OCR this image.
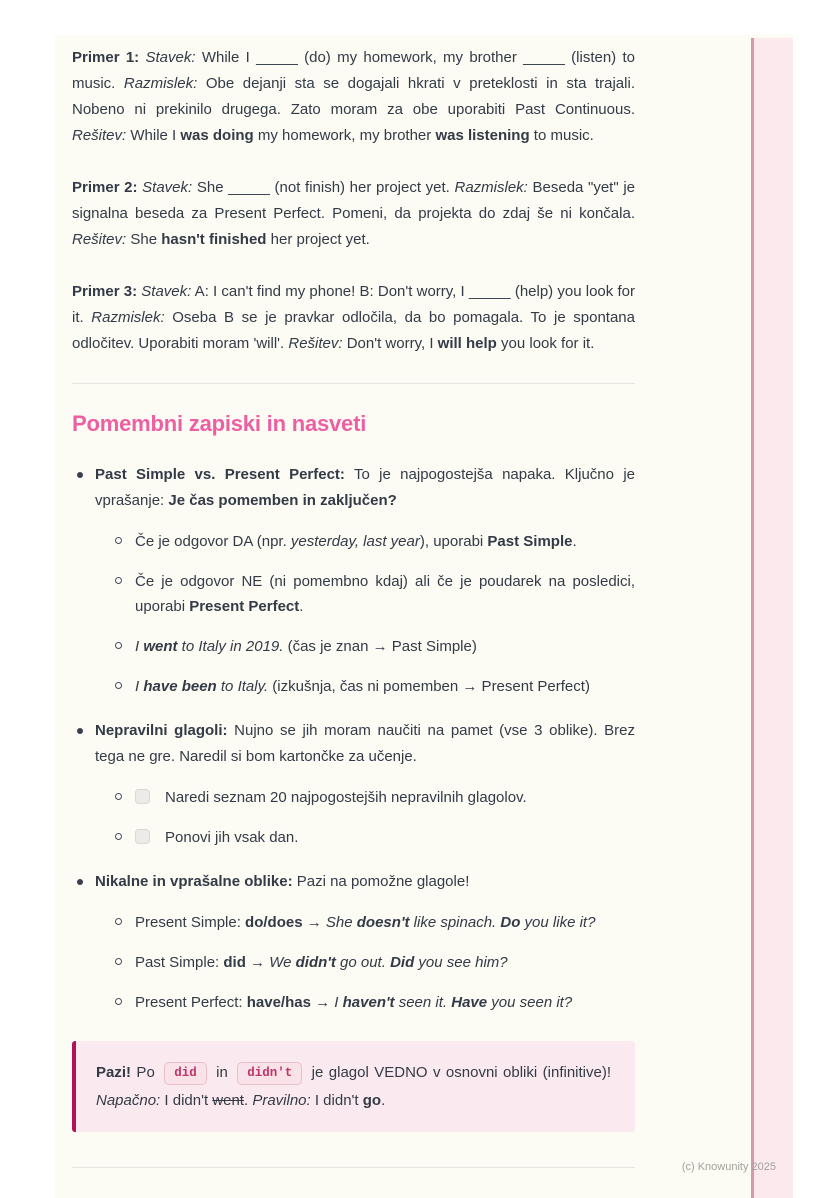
Primer 1: Stavek: While I _____ (do) my homework, my brother _____ (listen) to music. Razmislek: Obe dejanji sta se dogajali hkrati v preteklosti in sta trajali. Nobeno ni prekinilo drugega. Zato moram za obe uporabiti Past Continuous. Rešitev: While I was doing my homework, my brother was listening to music.

Primer 2: Stavek: She _____ (not finish) her project yet. Razmislek: Beseda "yet" je signalna beseda za Present Perfect. Pomeni, da projekta do zdaj še ni končala. Rešitev: She hasn't finished her project yet.

Primer 3: Stavek: A: I can't find my phone! B: Don't worry, I _____ (help) you look for it. Razmislek: Oseba B se je pravkar odločila, da bo pomagala. To je spontana odločitev. Uporabiti moram 'will'. Rešitev: Don't worry, I will help you look for it.

Pomembni zapiski in nasveti
Past Simple vs. Present Perfect: To je najpogostejša napaka. Ključno je vprašanje: Je čas pomemben in zaključen?
Če je odgovor DA (npr. yesterday, last year), uporabi Past Simple.
Če je odgovor NE (ni pomembno kdaj) ali če je poudarek na posledici, uporabi Present Perfect.
I went to Italy in 2019. (čas je znan → Past Simple)
I have been to Italy. (izkušnja, čas ni pomemben → Present Perfect)
Nepravilni glagoli: Nujno se jih moram naučiti na pamet (vse 3 oblike). Brez tega ne gre. Naredil si bom kartončke za učenje.
Naredi seznam 20 najpogostejših nepravilnih glagolov.
Ponovi jih vsak dan.
Nikalne in vprašalne oblike: Pazi na pomožne glagole!
Present Simple: do/does → She doesn't like spinach. Do you like it?
Past Simple: did → We didn't go out. Did you see him?
Present Perfect: have/has → I haven't seen it. Have you seen it?
Pazi! Po did in didn't je glagol VEDNO v osnovni obliki (infinitive)! Napačno: I didn't went. Pravilno: I didn't go.
(c) Knowunity 2025
